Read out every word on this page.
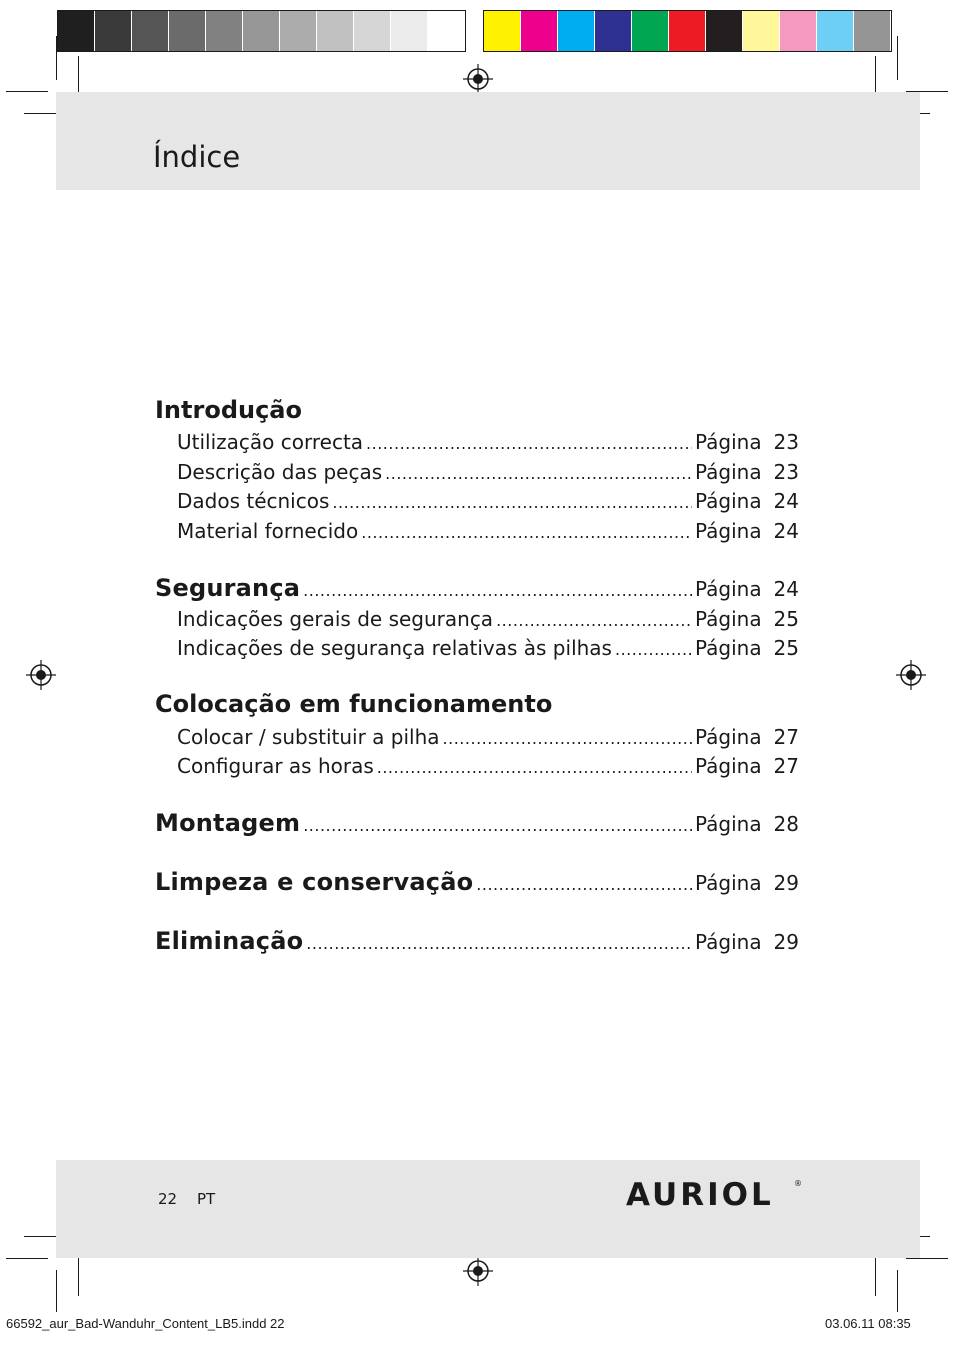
Índice
Introdução
Utilização correcta .....	Página 23
Descrição das peças .....	Página 23
Dados técnicos .....	Página 24
Material fornecido .....	Página 24
Segurança .....	Página 24
Indicações gerais de segurança .....	Página 25
Indicações de segurança relativas às pilhas .....	Página 25
Colocação em funcionamento
Colocar / substituir a pilha .....	Página 27
Configurar as horas .....	Página 27
Montagem .....	Página 28
Limpeza e conservação .....	Página 29
Eliminação .....	Página 29
22 PT	AURIOL	®
66592_aur_Bad-Wanduhr_Content_LB5.indd 22	03.06.11 08:35
